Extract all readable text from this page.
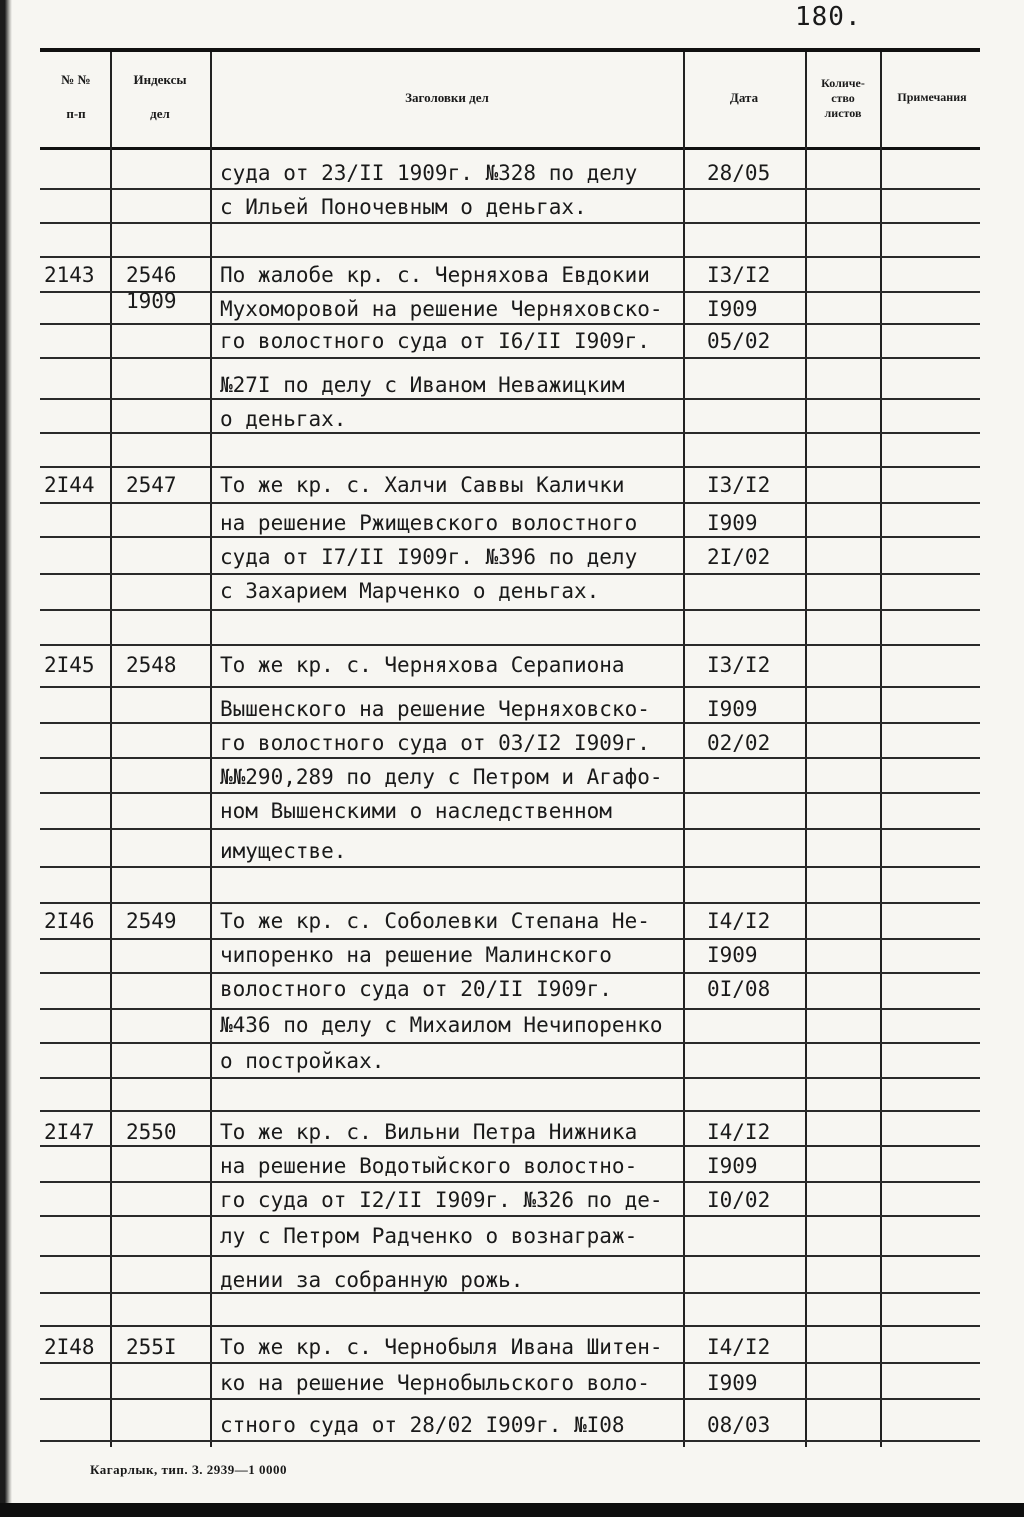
180.
№ №
п-п
Индексы
дел
Заголовки дел	Дата
Количе-
ство
листов
Примечания
суда от 23/II 1909г. №328 по делу
с Ильей Поночевным о деньгах.
28/05
2143 2546
1909
По жалобе кр. с. Черняхова Евдокии
Мухоморовой на решение Черняховско-
го волостного суда от I6/II I909г.
№27I по делу с Иваном Неважицким
о деньгах.
I3/I2
I909
05/02
2I44 2547 То же кр. с. Халчи Саввы Калички
на решение Ржищевского волостного
суда от I7/II I909г. №396 по делу
с Захарием Марченко о деньгах.
I3/I2
I909
2I/02
2I45 2548 То же кр. с. Черняхова Серапиона
Вышенского на решение Черняховско-
го волостного суда от 03/I2 I909г.
№№290,289 по делу с Петром и Агафо-
ном Вышенскими о наследственном
имуществе.
I3/I2
I909
02/02
2I46 2549 То же кр. с. Соболевки Степана Не-
чипоренко на решение Малинского
волостного суда от 20/II I909г.
№436 по делу с Михаилом Нечипоренко
о постройках.
I4/I2
I909
0I/08
2I47 2550 То же кр. с. Вильни Петра Нижника
на решение Водотыйского волостно-
го суда от I2/II I909г. №326 по де-
лу с Петром Радченко о вознаграж-
дении за собранную рожь.
I4/I2
I909
I0/02
2I48 255I То же кр. с. Чернобыля Ивана Шитен-
ко на решение Чернобыльского воло-
стного суда от 28/02 I909г. №I08
I4/I2
I909
08/03
Кагарлык, тип. З. 2939—1 0000
